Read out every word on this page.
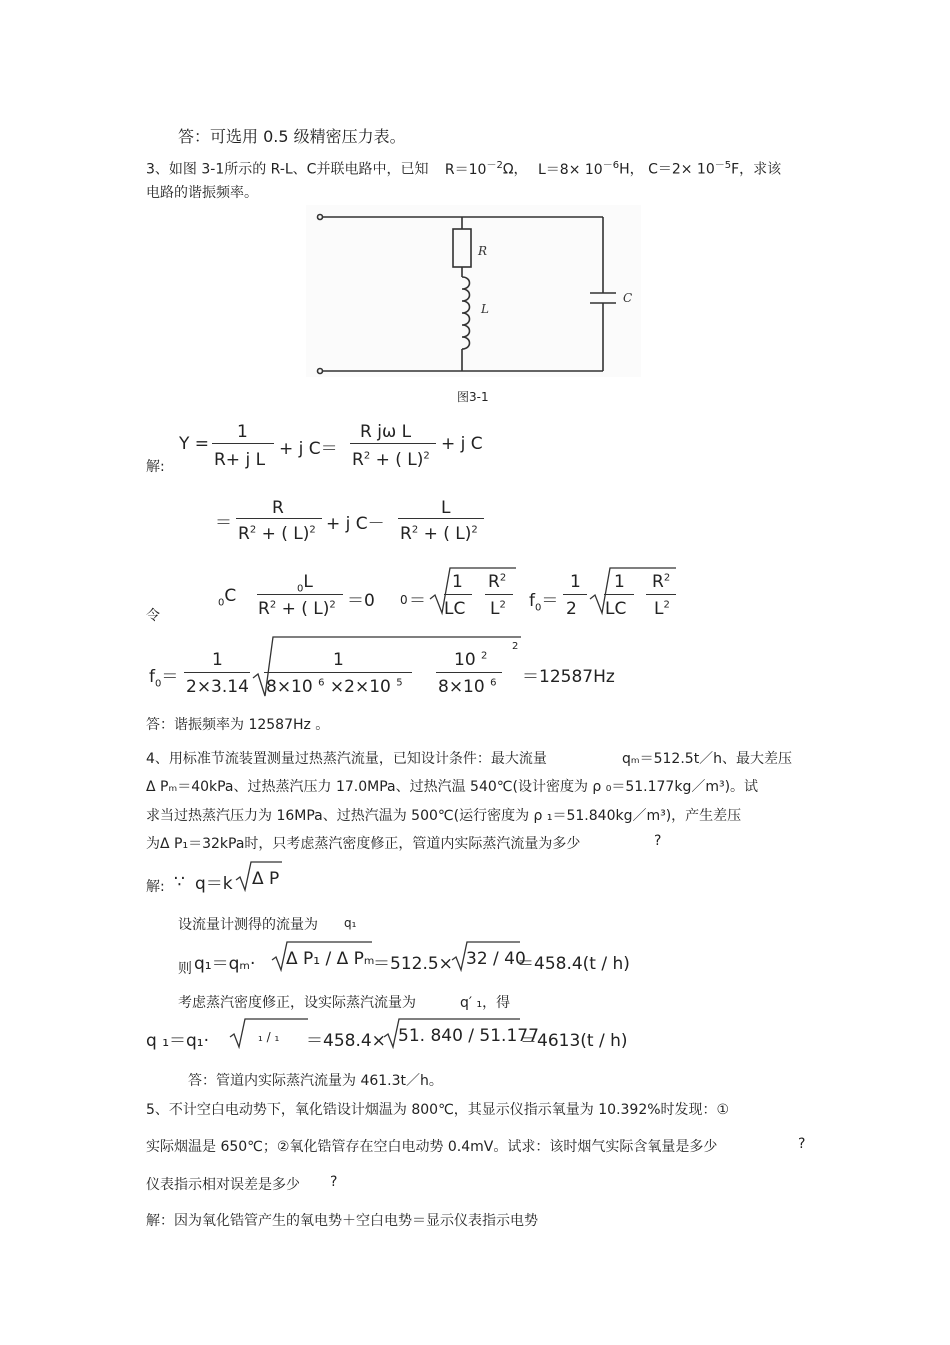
答：可选用 0.5 级精密压力表。
3、如图 3-1所示的 R-L、C并联电路中，已知 $R=10^{-2}\Omega$， $L=8\times 10^{-6}H$， $C=2\times 10^{-5}F$，求该
电路的谐振频率。
R
L
C
图3-1
解:
Y =
1
R+ j L
+ j C＝
R jω L
$R^2$ + ( L)$^2$
+ j C
＝
R
$R^2$ + ( L)$^2$ + j C－
L
$R^2$ + ( L)$^2$
令
$_0$C	$_0$L
$R^2$ + ( L)$^2$ ＝0 0 ＝
1
LC
$R^2$
$L^2$ $f_0=$
1
2
1
LC
$R^2$
$L^2$
$f_0=$
1
2×3.14
1
8×10 $^6$ ×2×10 $^5$
10 $^2$
2
8×10 $^6$ ＝12587Hz
答：谐振频率为 12587Hz 。
4、用标准节流装置测量过热蒸汽流量，已知设计条件：最大流量	qₘ＝512.5t／h、最大差压
Δ Pₘ＝40kPa、过热蒸汽压力 17.0MPa、过热汽温 540℃(设计密度为 ρ ₀＝51.177kg／m³)。试
求当过热蒸汽压力为 16MPa、过热汽温为 500℃(运行密度为 ρ ₁＝51.840kg／m³)，产生差压
为Δ P₁＝32kPa时，只考虑蒸汽密度修正，管道内实际蒸汽流量为多少	?
解: ∵ q＝k Δ P
设流量计测得的流量为 q₁
则 q₁＝qₘ· Δ P₁ / Δ Pₘ
＝512.5× 32 / 40
＝458.4(t / h)
考虑蒸汽密度修正，设实际蒸汽流量为	q′ ₁，得
q ₁＝q₁·	₁ / ₁ ＝458.4× 51. 840 / 51.177
＝4613(t / h)
答：管道内实际蒸汽流量为 461.3t／h。
5、不计空白电动势下，氧化锆设计烟温为 800℃，其显示仪指示氧量为 10.392%时发现：①
实际烟温是 650℃；②氧化锆管存在空白电动势 0.4mV。试求：该时烟气实际含氧量是多少	?
仪表指示相对误差是多少 ?
解：因为氧化锆管产生的氧电势＋空白电势＝显示仪表指示电势
